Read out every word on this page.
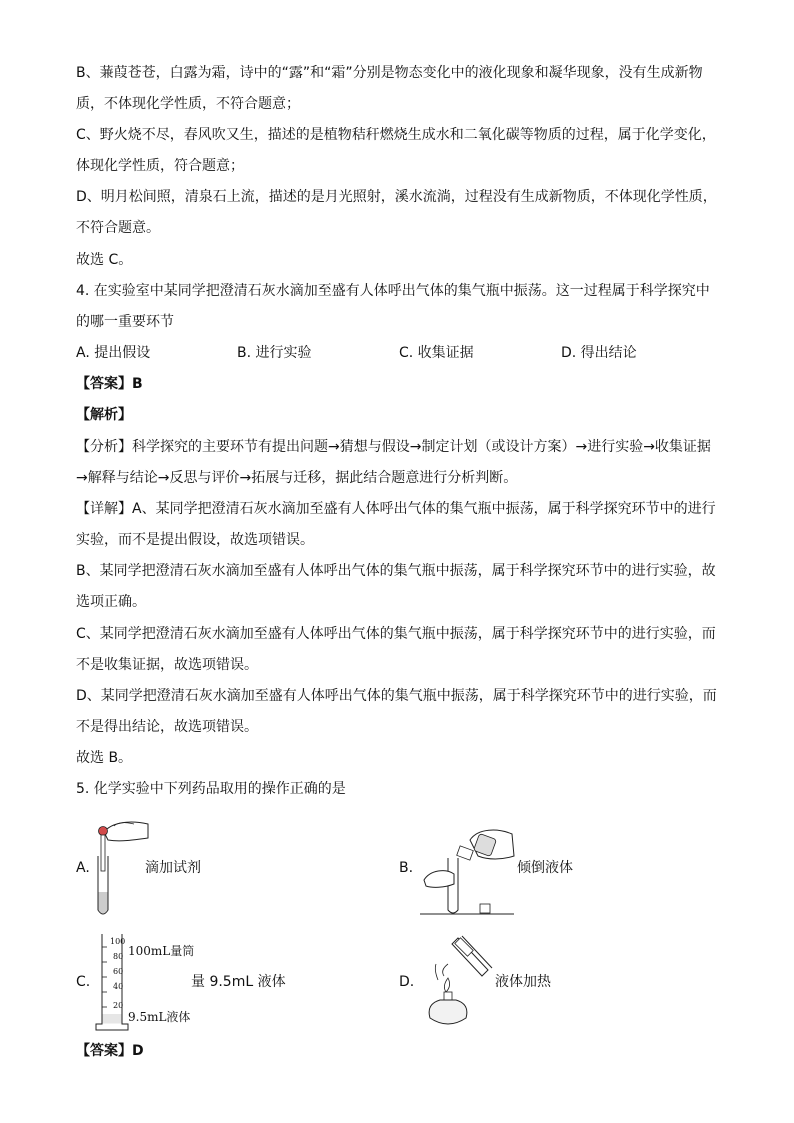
B、蒹葭苍苍，白露为霜，诗中的“露”和“霜”分别是物态变化中的液化现象和凝华现象，没有生成新物
质，不体现化学性质，不符合题意；
C、野火烧不尽，春风吹又生，描述的是植物秸秆燃烧生成水和二氧化碳等物质的过程，属于化学变化，
体现化学性质，符合题意；
D、明月松间照，清泉石上流，描述的是月光照射，溪水流淌，过程没有生成新物质，不体现化学性质，
不符合题意。
故选 C。
4. 在实验室中某同学把澄清石灰水滴加至盛有人体呼出气体的集气瓶中振荡。这一过程属于科学探究中
的哪一重要环节
A. 提出假设	B. 进行实验	C. 收集证据	D. 得出结论
【答案】B
【解析】
【分析】科学探究的主要环节有提出问题→猜想与假设→制定计划（或设计方案）→进行实验→收集证据
→解释与结论→反思与评价→拓展与迁移，据此结合题意进行分析判断。
【详解】A、某同学把澄清石灰水滴加至盛有人体呼出气体的集气瓶中振荡，属于科学探究环节中的进行
实验，而不是提出假设，故选项错误。
B、某同学把澄清石灰水滴加至盛有人体呼出气体的集气瓶中振荡，属于科学探究环节中的进行实验，故
选项正确。
C、某同学把澄清石灰水滴加至盛有人体呼出气体的集气瓶中振荡，属于科学探究环节中的进行实验，而
不是收集证据，故选项错误。
D、某同学把澄清石灰水滴加至盛有人体呼出气体的集气瓶中振荡，属于科学探究环节中的进行实验，而
不是得出结论，故选项错误。
故选 B。
5. 化学实验中下列药品取用的操作正确的是
A.	滴加试剂	B.	倾倒液体
C.
100
80
60
40
20
100mL量筒
9.5mL液体
量 9.5mL 液体	D.	液体加热
【答案】D
